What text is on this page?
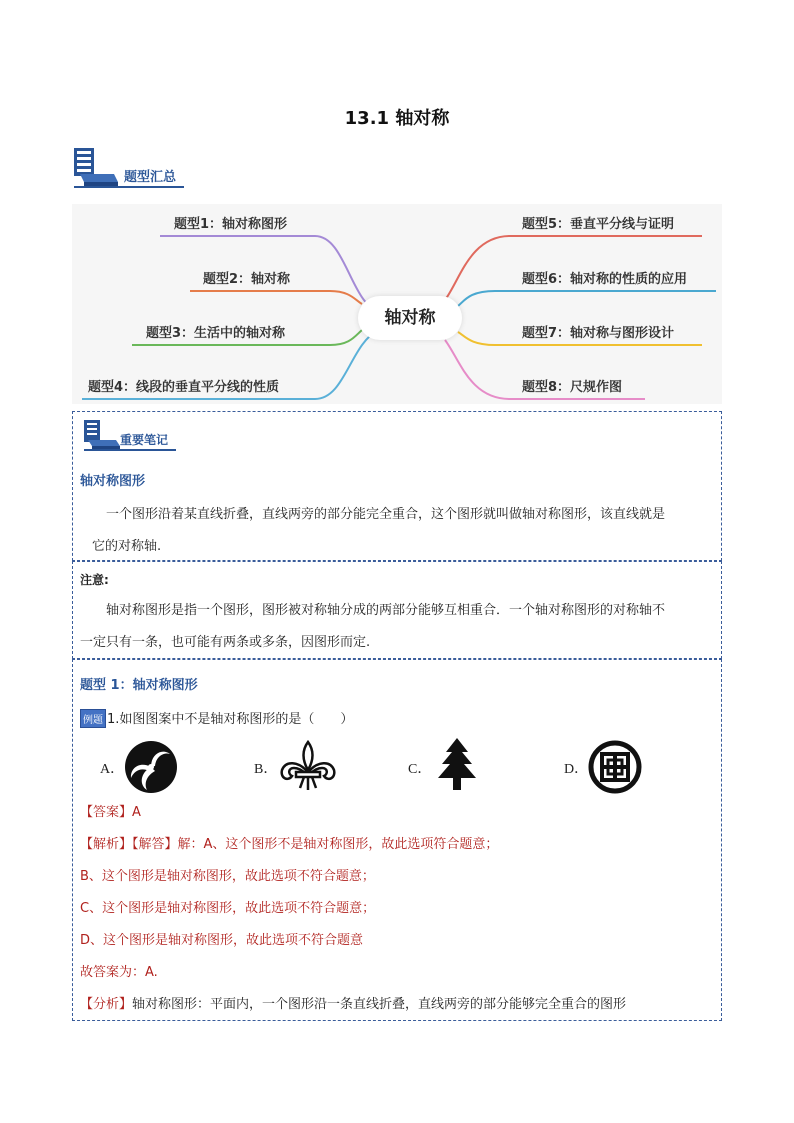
13.1 轴对称
题型汇总
轴对称
题型1：轴对称图形
题型2：轴对称
题型3：生活中的轴对称
题型4：线段的垂直平分线的性质
题型5：垂直平分线与证明
题型6：轴对称的性质的应用
题型7：轴对称与图形设计
题型8：尺规作图
重要笔记
轴对称图形
一个图形沿着某直线折叠，直线两旁的部分能完全重合，这个图形就叫做轴对称图形，该直线就是
它的对称轴.
注意:
轴对称图形是指一个图形，图形被对称轴分成的两部分能够互相重合．一个轴对称图形的对称轴不
一定只有一条，也可能有两条或多条，因图形而定.
题型 1：轴对称图形
例题 1.如图图案中不是轴对称图形的是（　　）
A．	B．	C．	D．
【答案】A
【解析】【解答】解：A、这个图形不是轴对称图形，故此选项符合题意；
B、这个图形是轴对称图形，故此选项不符合题意；
C、这个图形是轴对称图形，故此选项不符合题意；
D、这个图形是轴对称图形，故此选项不符合题意
故答案为：A.
【分析】轴对称图形：平面内，一个图形沿一条直线折叠，直线两旁的部分能够完全重合的图形
